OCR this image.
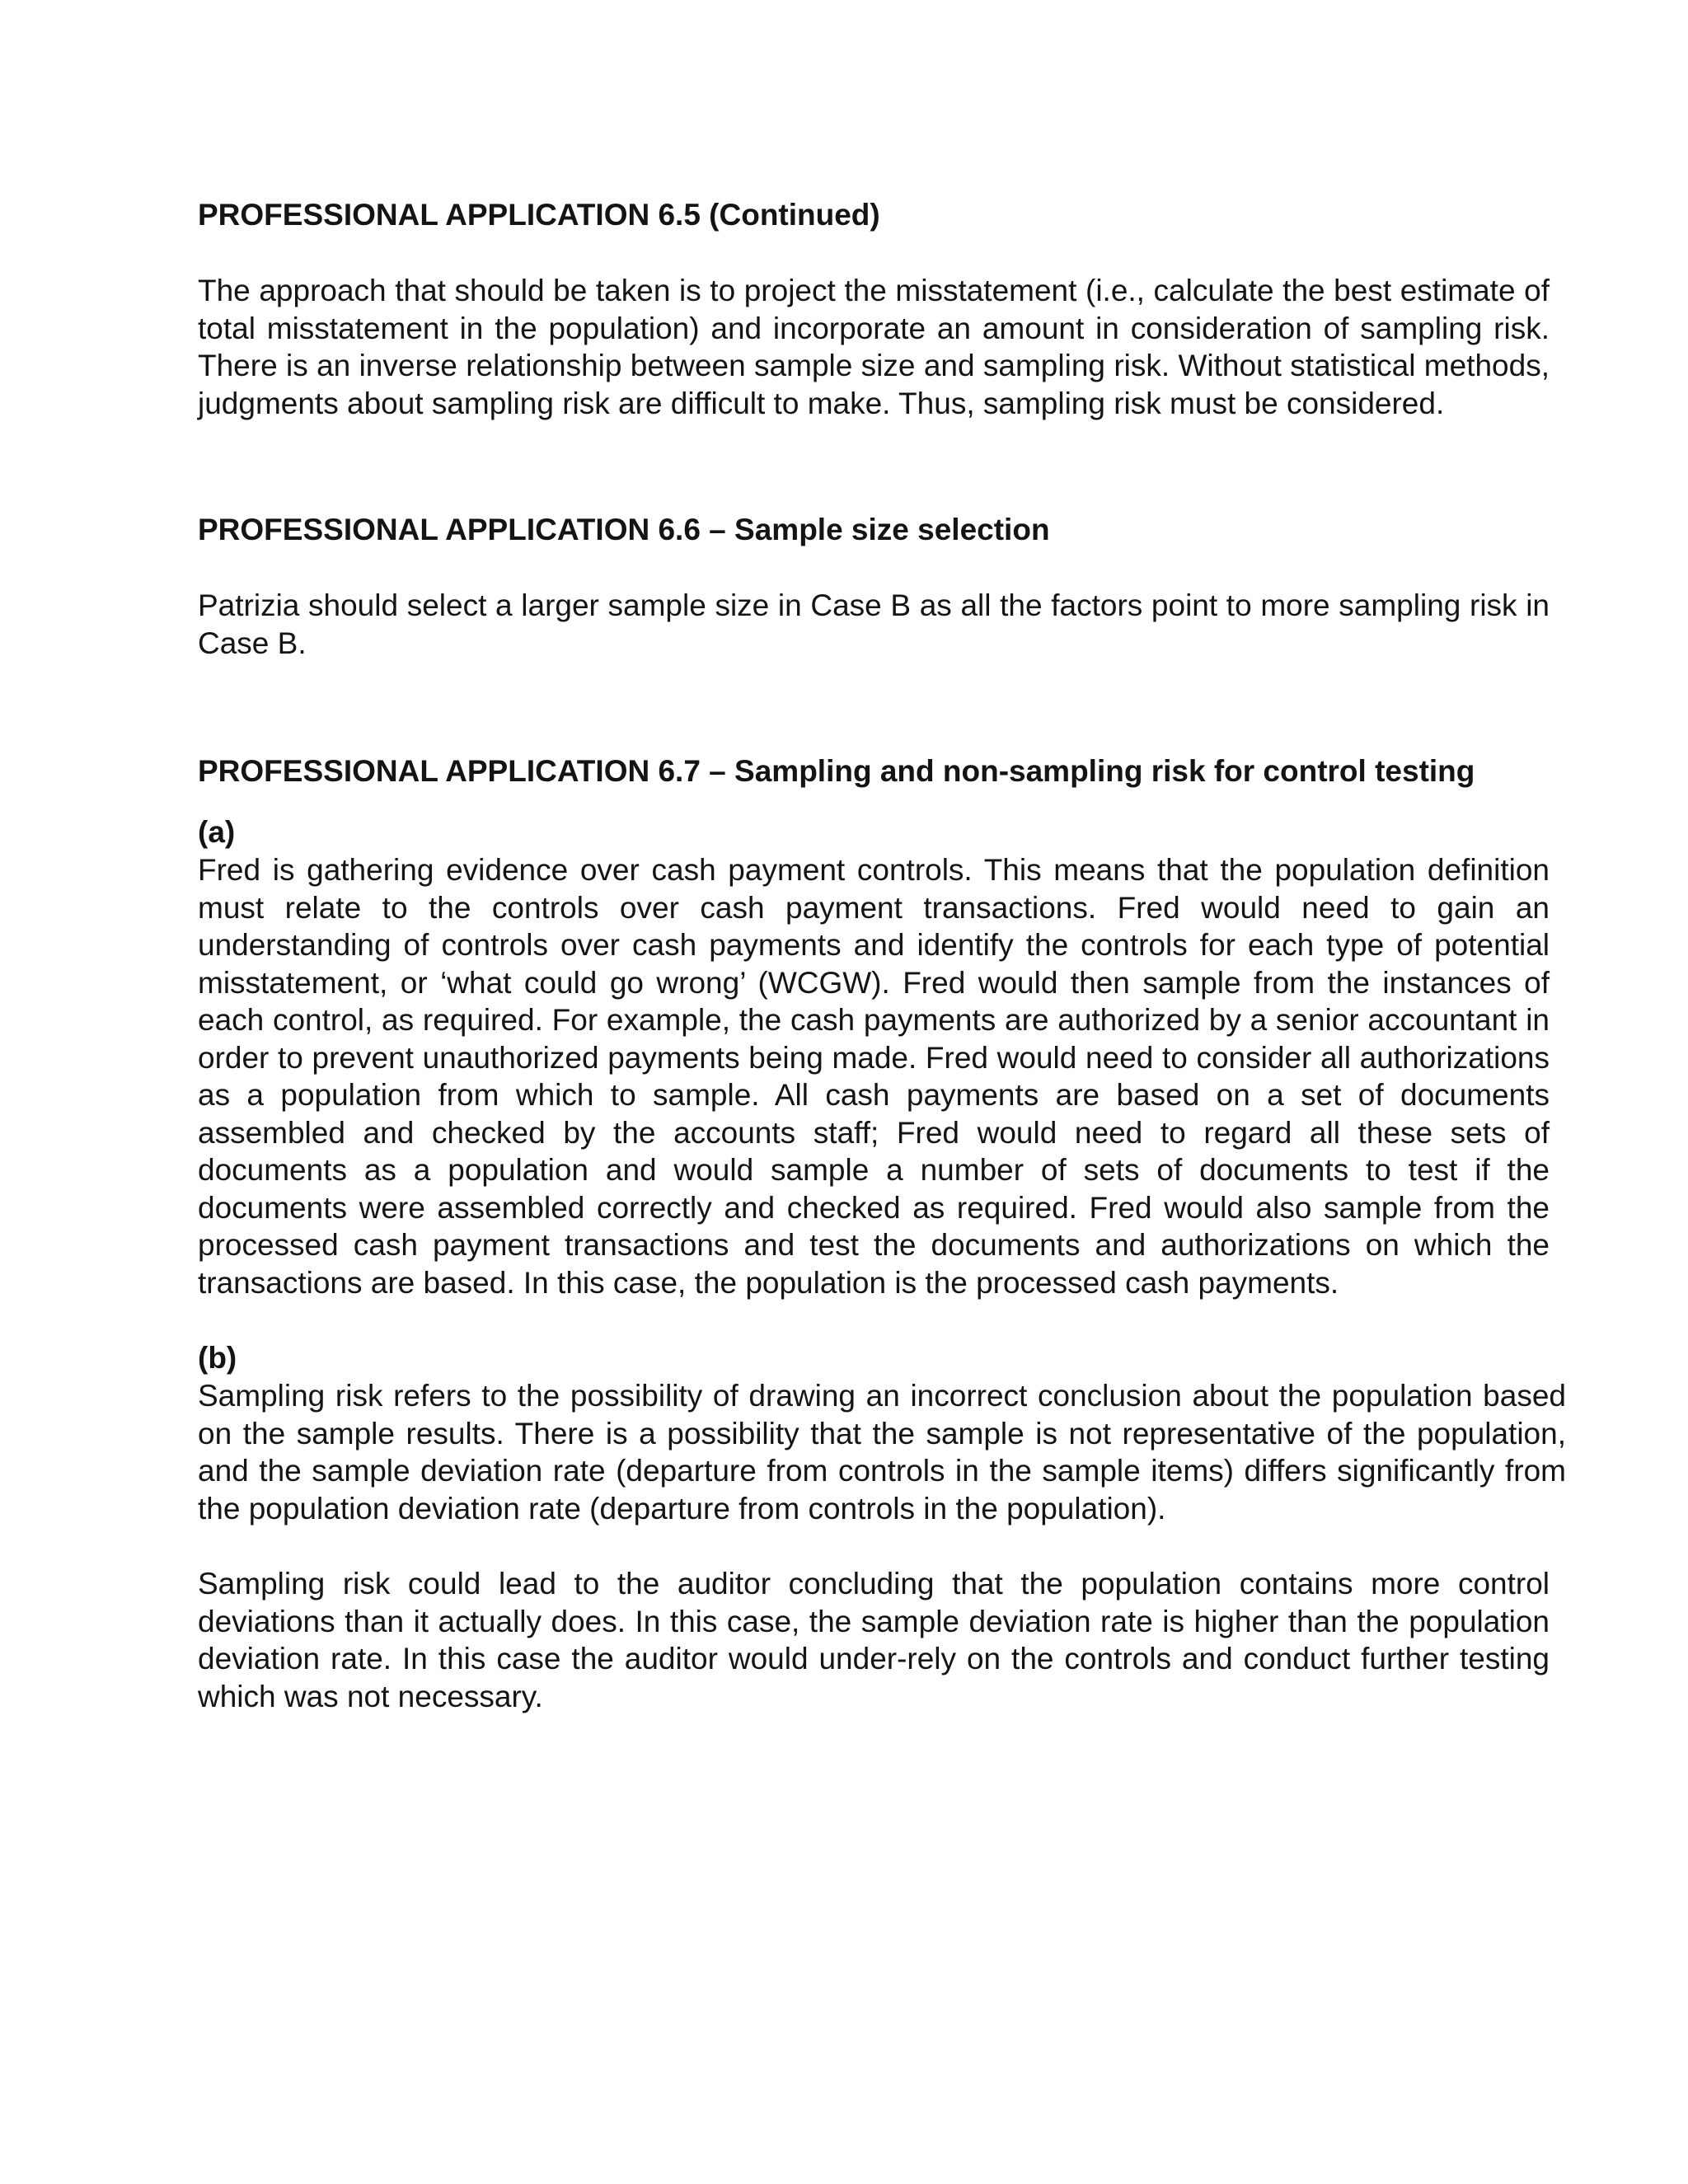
PROFESSIONAL APPLICATION 6.5 (Continued)

The approach that should be taken is to project the misstatement (i.e., calculate the best estimate of total misstatement in the population) and incorporate an amount in consideration of sampling risk. There is an inverse relationship between sample size and sampling risk. Without statistical methods, judgments about sampling risk are difficult to make. Thus, sampling risk must be considered.

PROFESSIONAL APPLICATION 6.6 – Sample size selection

Patrizia should select a larger sample size in Case B as all the factors point to more sampling risk in Case B.

PROFESSIONAL APPLICATION 6.7 – Sampling and non-sampling risk for control testing
(a)

Fred is gathering evidence over cash payment controls. This means that the population definition must relate to the controls over cash payment transactions. Fred would need to gain an understanding of controls over cash payments and identify the controls for each type of potential misstatement, or ‘what could go wrong’ (WCGW). Fred would then sample from the instances of each control, as required. For example, the cash payments are authorized by a senior accountant in order to prevent unauthorized payments being made. Fred would need to consider all authorizations as a population from which to sample. All cash payments are based on a set of documents assembled and checked by the accounts staff; Fred would need to regard all these sets of documents as a population and would sample a number of sets of documents to test if the documents were assembled correctly and checked as required. Fred would also sample from the processed cash payment transactions and test the documents and authorizations on which the transactions are based. In this case, the population is the processed cash payments.

(b)

Sampling risk refers to the possibility of drawing an incorrect conclusion about the population based on the sample results. There is a possibility that the sample is not representative of the population, and the sample deviation rate (departure from controls in the sample items) differs significantly from the population deviation rate (departure from controls in the population).

Sampling risk could lead to the auditor concluding that the population contains more control deviations than it actually does. In this case, the sample deviation rate is higher than the population deviation rate. In this case the auditor would under-rely on the controls and conduct further testing which was not necessary.
